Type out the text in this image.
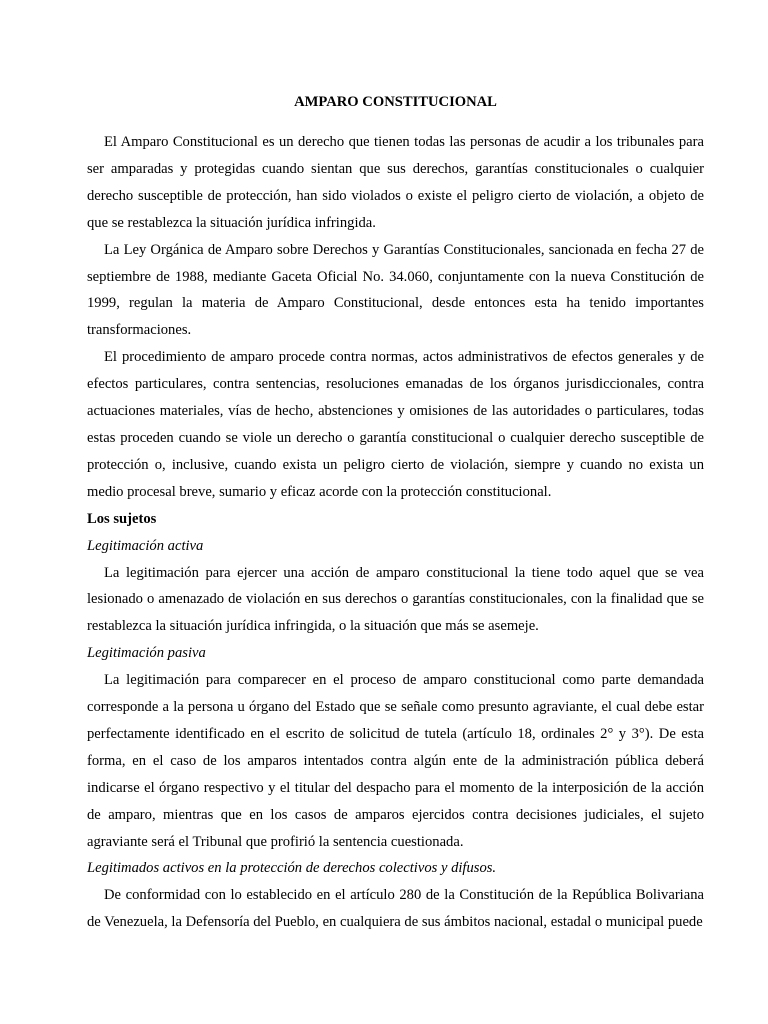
AMPARO CONSTITUCIONAL

El Amparo Constitucional es un derecho que tienen todas las personas de acudir a los tribunales para ser amparadas y protegidas cuando sientan que sus derechos, garantías constitucionales o cualquier derecho susceptible de protección, han sido violados o existe el peligro cierto de violación, a objeto de que se restablezca la situación jurídica infringida.

La Ley Orgánica de Amparo sobre Derechos y Garantías Constitucionales, sancionada en fecha 27 de septiembre de 1988, mediante Gaceta Oficial No. 34.060, conjuntamente con la nueva Constitución de 1999, regulan la materia de Amparo Constitucional, desde entonces esta ha tenido importantes transformaciones.

El procedimiento de amparo procede contra normas, actos administrativos de efectos generales y de efectos particulares, contra sentencias, resoluciones emanadas de los órganos jurisdiccionales, contra actuaciones materiales, vías de hecho, abstenciones y omisiones de las autoridades o particulares, todas estas proceden cuando se viole un derecho o garantía constitucional o cualquier derecho susceptible de protección o, inclusive, cuando exista un peligro cierto de violación, siempre y cuando no exista un medio procesal breve, sumario y eficaz acorde con la protección constitucional.

Los sujetos

Legitimación activa

La legitimación para ejercer una acción de amparo constitucional la tiene todo aquel que se vea lesionado o amenazado de violación en sus derechos o garantías constitucionales, con la finalidad que se restablezca la situación jurídica infringida, o la situación que más se asemeje.

Legitimación pasiva

La legitimación para comparecer en el proceso de amparo constitucional como parte demandada corresponde a la persona u órgano del Estado que se señale como presunto agraviante, el cual debe estar perfectamente identificado en el escrito de solicitud de tutela (artículo 18, ordinales 2° y 3°). De esta forma, en el caso de los amparos intentados contra algún ente de la administración pública deberá indicarse el órgano respectivo y el titular del despacho para el momento de la interposición de la acción de amparo, mientras que en los casos de amparos ejercidos contra decisiones judiciales, el sujeto agraviante será el Tribunal que profirió la sentencia cuestionada.

Legitimados activos en la protección de derechos colectivos y difusos.

De conformidad con lo establecido en el artículo 280 de la Constitución de la República Bolivariana de Venezuela, la Defensoría del Pueblo, en cualquiera de sus ámbitos nacional, estadal o municipal puede
